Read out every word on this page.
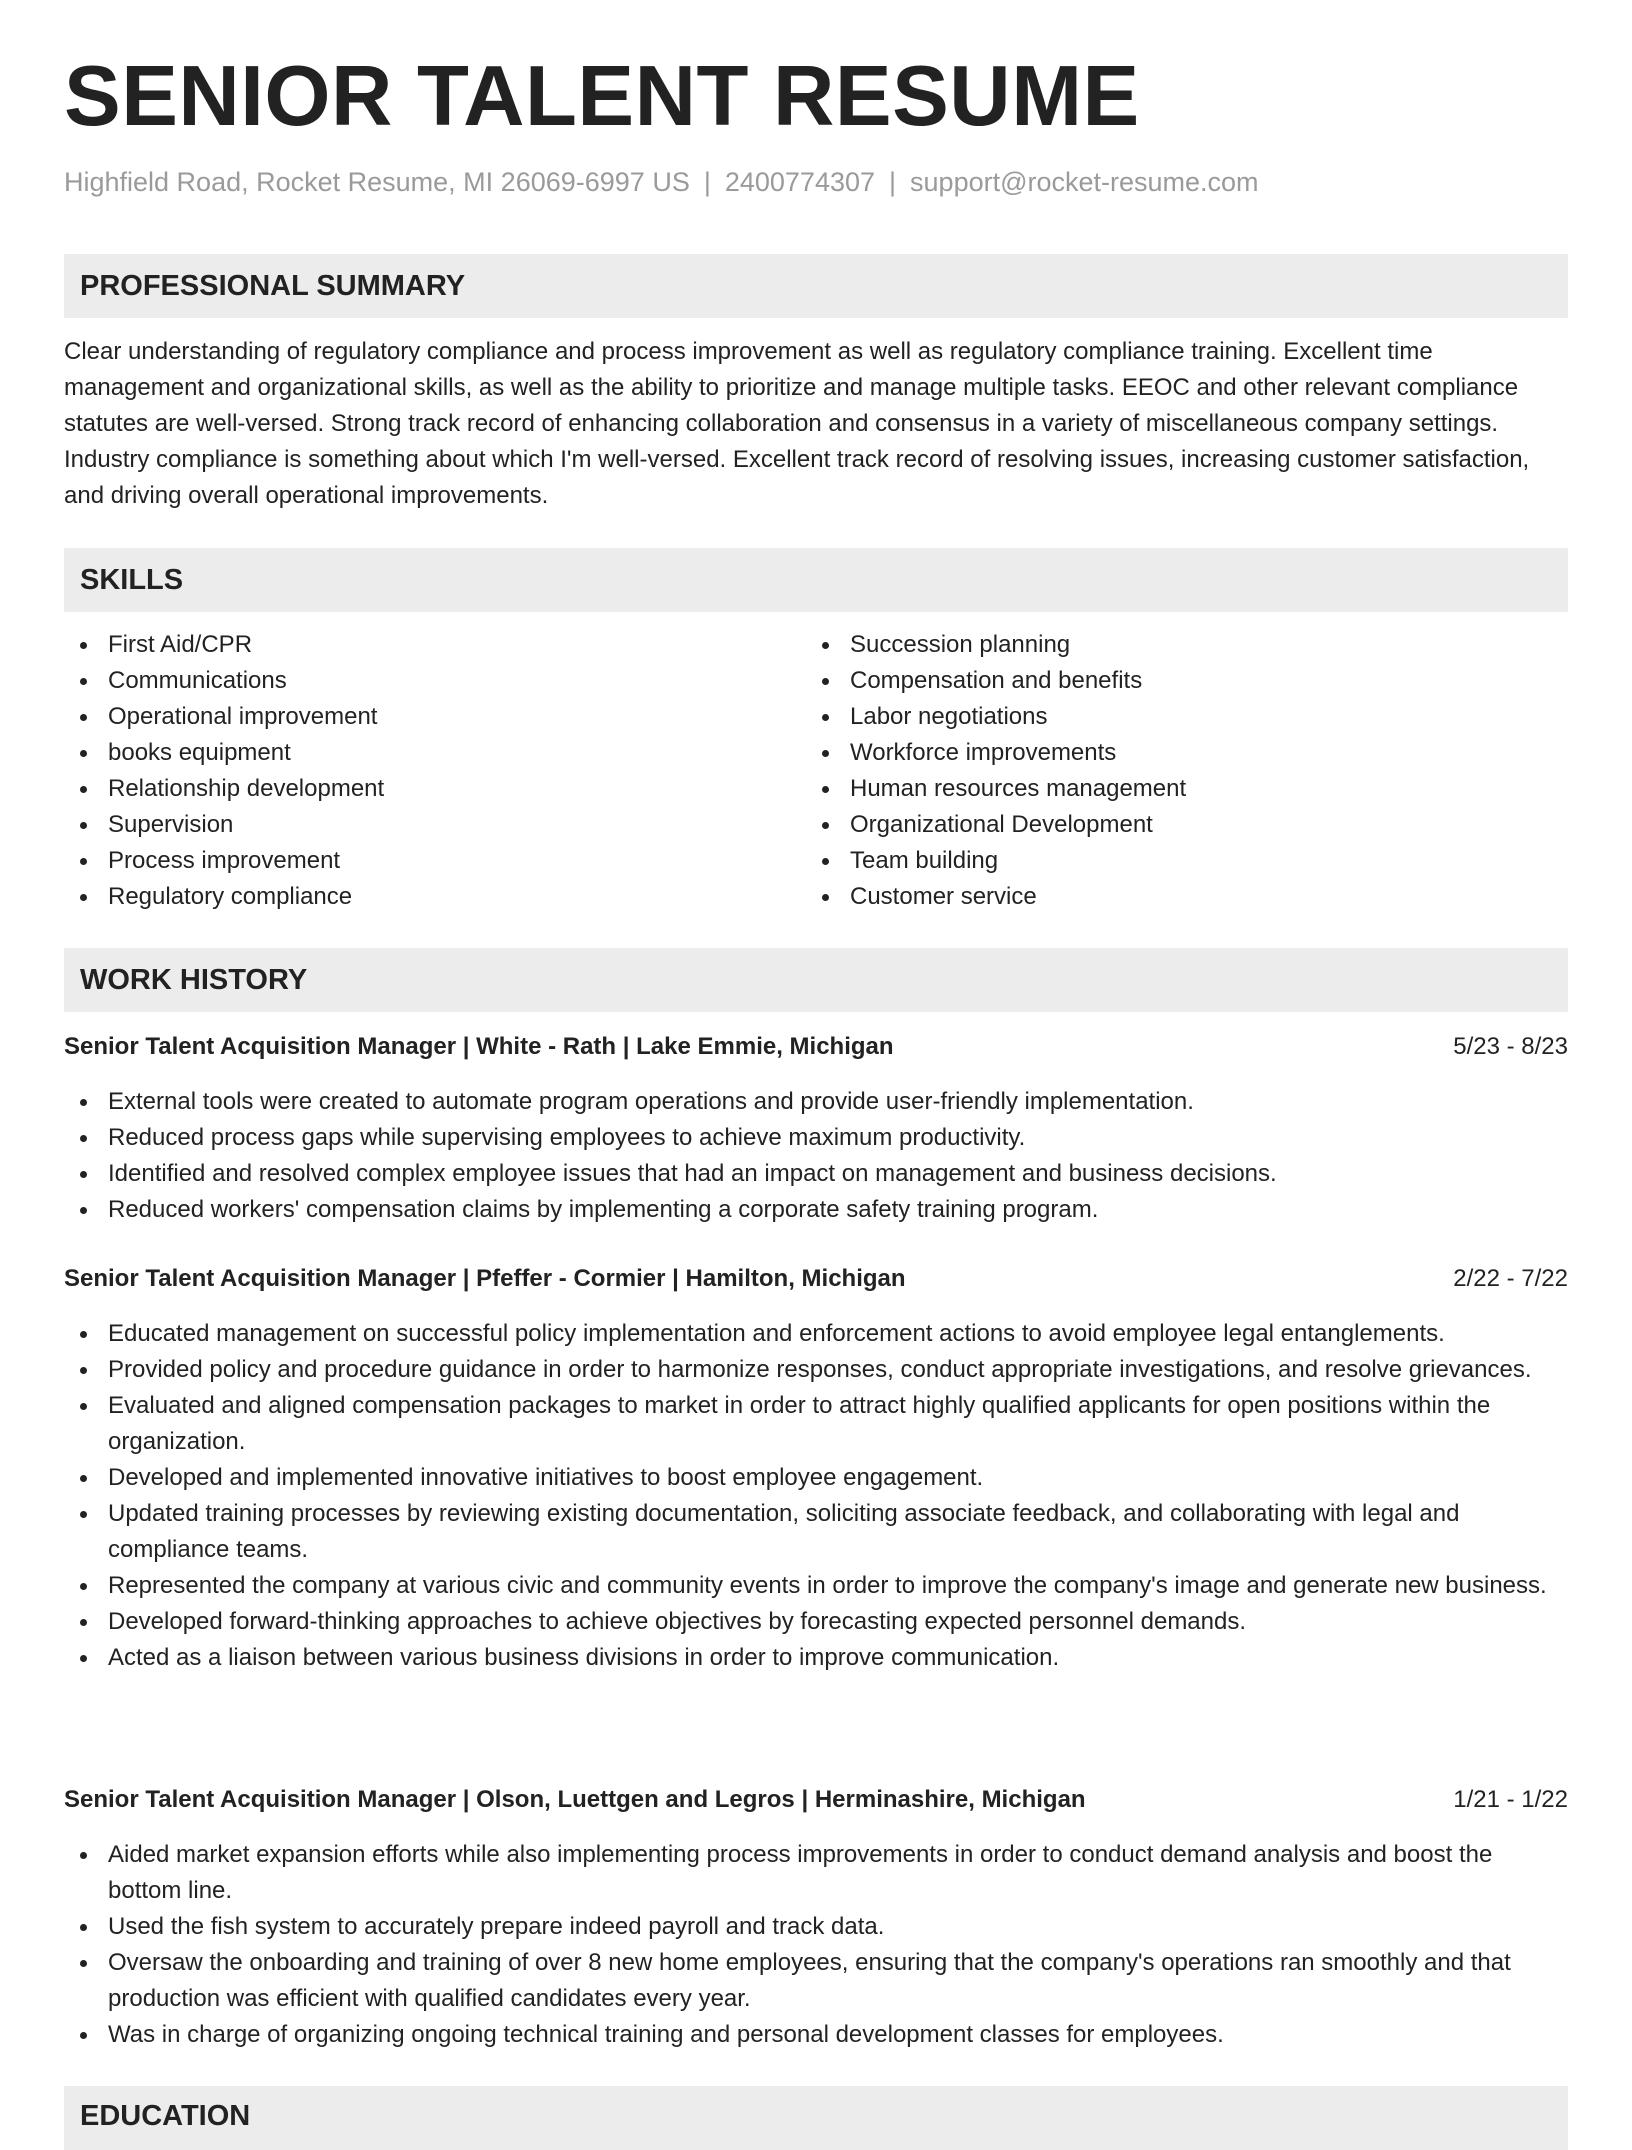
SENIOR TALENT RESUME
Highfield Road, Rocket Resume, MI 26069-6997 US | 2400774307 | support@rocket-resume.com
PROFESSIONAL SUMMARY

Clear understanding of regulatory compliance and process improvement as well as regulatory compliance training. Excellent time management and organizational skills, as well as the ability to prioritize and manage multiple tasks. EEOC and other relevant compliance statutes are well-versed. Strong track record of enhancing collaboration and consensus in a variety of miscellaneous company settings. Industry compliance is something about which I'm well-versed. Excellent track record of resolving issues, increasing customer satisfaction, and driving overall operational improvements.

SKILLS
First Aid/CPR
Communications
Operational improvement
books equipment
Relationship development
Supervision
Process improvement
Regulatory compliance
Succession planning
Compensation and benefits
Labor negotiations
Workforce improvements
Human resources management
Organizational Development
Team building
Customer service
WORK HISTORY
Senior Talent Acquisition Manager | White - Rath | Lake Emmie, Michigan	5/23 - 8/23
External tools were created to automate program operations and provide user-friendly implementation.
Reduced process gaps while supervising employees to achieve maximum productivity.
Identified and resolved complex employee issues that had an impact on management and business decisions.
Reduced workers' compensation claims by implementing a corporate safety training program.
Senior Talent Acquisition Manager | Pfeffer - Cormier | Hamilton, Michigan	2/22 - 7/22
Educated management on successful policy implementation and enforcement actions to avoid employee legal entanglements.
Provided policy and procedure guidance in order to harmonize responses, conduct appropriate investigations, and resolve grievances.
Evaluated and aligned compensation packages to market in order to attract highly qualified applicants for open positions within the organization.
Developed and implemented innovative initiatives to boost employee engagement.
Updated training processes by reviewing existing documentation, soliciting associate feedback, and collaborating with legal and compliance teams.
Represented the company at various civic and community events in order to improve the company's image and generate new business.
Developed forward-thinking approaches to achieve objectives by forecasting expected personnel demands.
Acted as a liaison between various business divisions in order to improve communication.
Senior Talent Acquisition Manager | Olson, Luettgen and Legros | Herminashire, Michigan	1/21 - 1/22
Aided market expansion efforts while also implementing process improvements in order to conduct demand analysis and boost the bottom line.
Used the fish system to accurately prepare indeed payroll and track data.
Oversaw the onboarding and training of over 8 new home employees, ensuring that the company's operations ran smoothly and that production was efficient with qualified candidates every year.
Was in charge of organizing ongoing technical training and personal development classes for employees.
EDUCATION
